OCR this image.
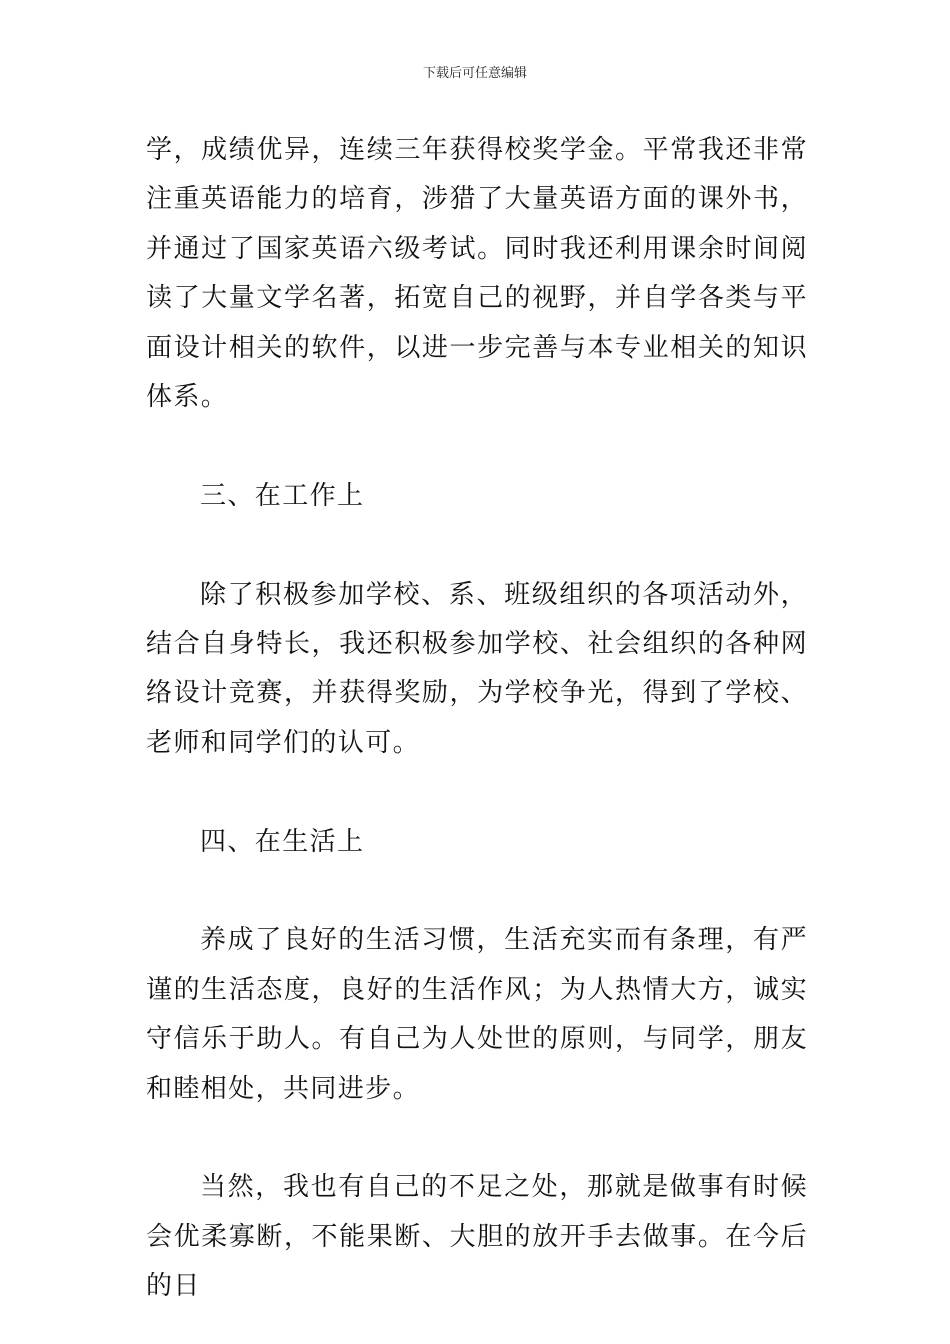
下载后可任意编辑

学，成绩优异，连续三年获得校奖学金。平常我还非常注重英语能力的培育，涉猎了大量英语方面的课外书，并通过了国家英语六级考试。同时我还利用课余时间阅读了大量文学名著，拓宽自己的视野，并自学各类与平面设计相关的软件，以进一步完善与本专业相关的知识体系。

三、在工作上

除了积极参加学校、系、班级组织的各项活动外，结合自身特长，我还积极参加学校、社会组织的各种网络设计竞赛，并获得奖励，为学校争光，得到了学校、老师和同学们的认可。

四、在生活上

养成了良好的生活习惯，生活充实而有条理，有严谨的生活态度，良好的生活作风；为人热情大方，诚实守信乐于助人。有自己为人处世的原则，与同学，朋友和睦相处，共同进步。

当然，我也有自己的不足之处，那就是做事有时候会优柔寡断，不能果断、大胆的放开手去做事。在今后的日
